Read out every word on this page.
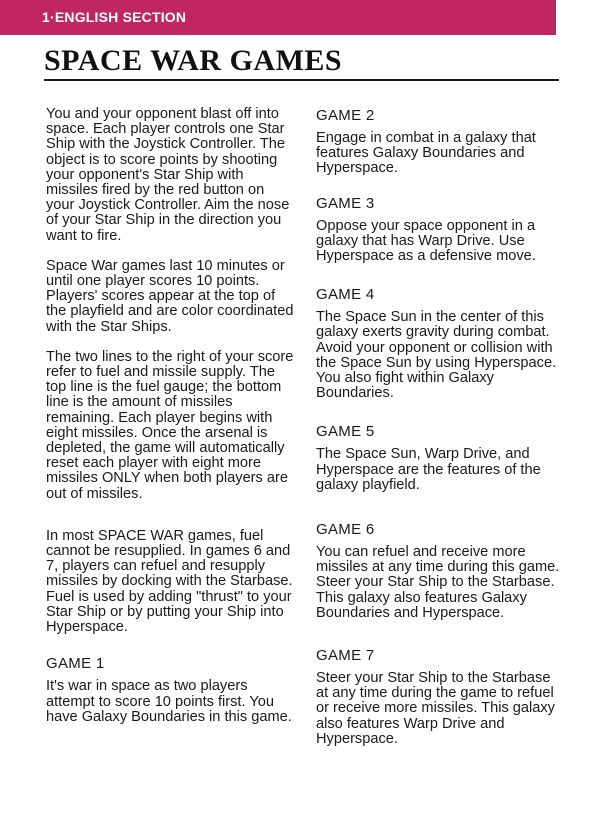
1·ENGLISH SECTION
SPACE WAR GAMES

You and your opponent blast off into space. Each player controls one Star Ship with the Joystick Controller. The object is to score points by shooting your opponent's Star Ship with missiles fired by the red button on your Joystick Controller. Aim the nose of your Star Ship in the direction you want to fire.

Space War games last 10 minutes or until one player scores 10 points. Players' scores appear at the top of the playfield and are color coordinated with the Star Ships.

The two lines to the right of your score refer to fuel and missile supply. The top line is the fuel gauge; the bottom line is the amount of missiles remaining. Each player begins with eight missiles. Once the arsenal is depleted, the game will automatically reset each player with eight more missiles ONLY when both players are out of missiles.

In most SPACE WAR games, fuel cannot be resupplied. In games 6 and 7, players can refuel and resupply missiles by docking with the Starbase. Fuel is used by adding "thrust" to your Star Ship or by putting your Ship into Hyperspace.

GAME 1

It's war in space as two players attempt to score 10 points first. You have Galaxy Boundaries in this game.

GAME 2

Engage in combat in a galaxy that features Galaxy Boundaries and Hyperspace.

GAME 3

Oppose your space opponent in a galaxy that has Warp Drive. Use Hyperspace as a defensive move.

GAME 4

The Space Sun in the center of this galaxy exerts gravity during combat. Avoid your opponent or collision with the Space Sun by using Hyperspace. You also fight within Galaxy Boundaries.

GAME 5

The Space Sun, Warp Drive, and Hyperspace are the features of the galaxy playfield.

GAME 6

You can refuel and receive more missiles at any time during this game. Steer your Star Ship to the Starbase. This galaxy also features Galaxy Boundaries and Hyperspace.

GAME 7

Steer your Star Ship to the Starbase at any time during the game to refuel or receive more missiles. This galaxy also features Warp Drive and Hyperspace.
